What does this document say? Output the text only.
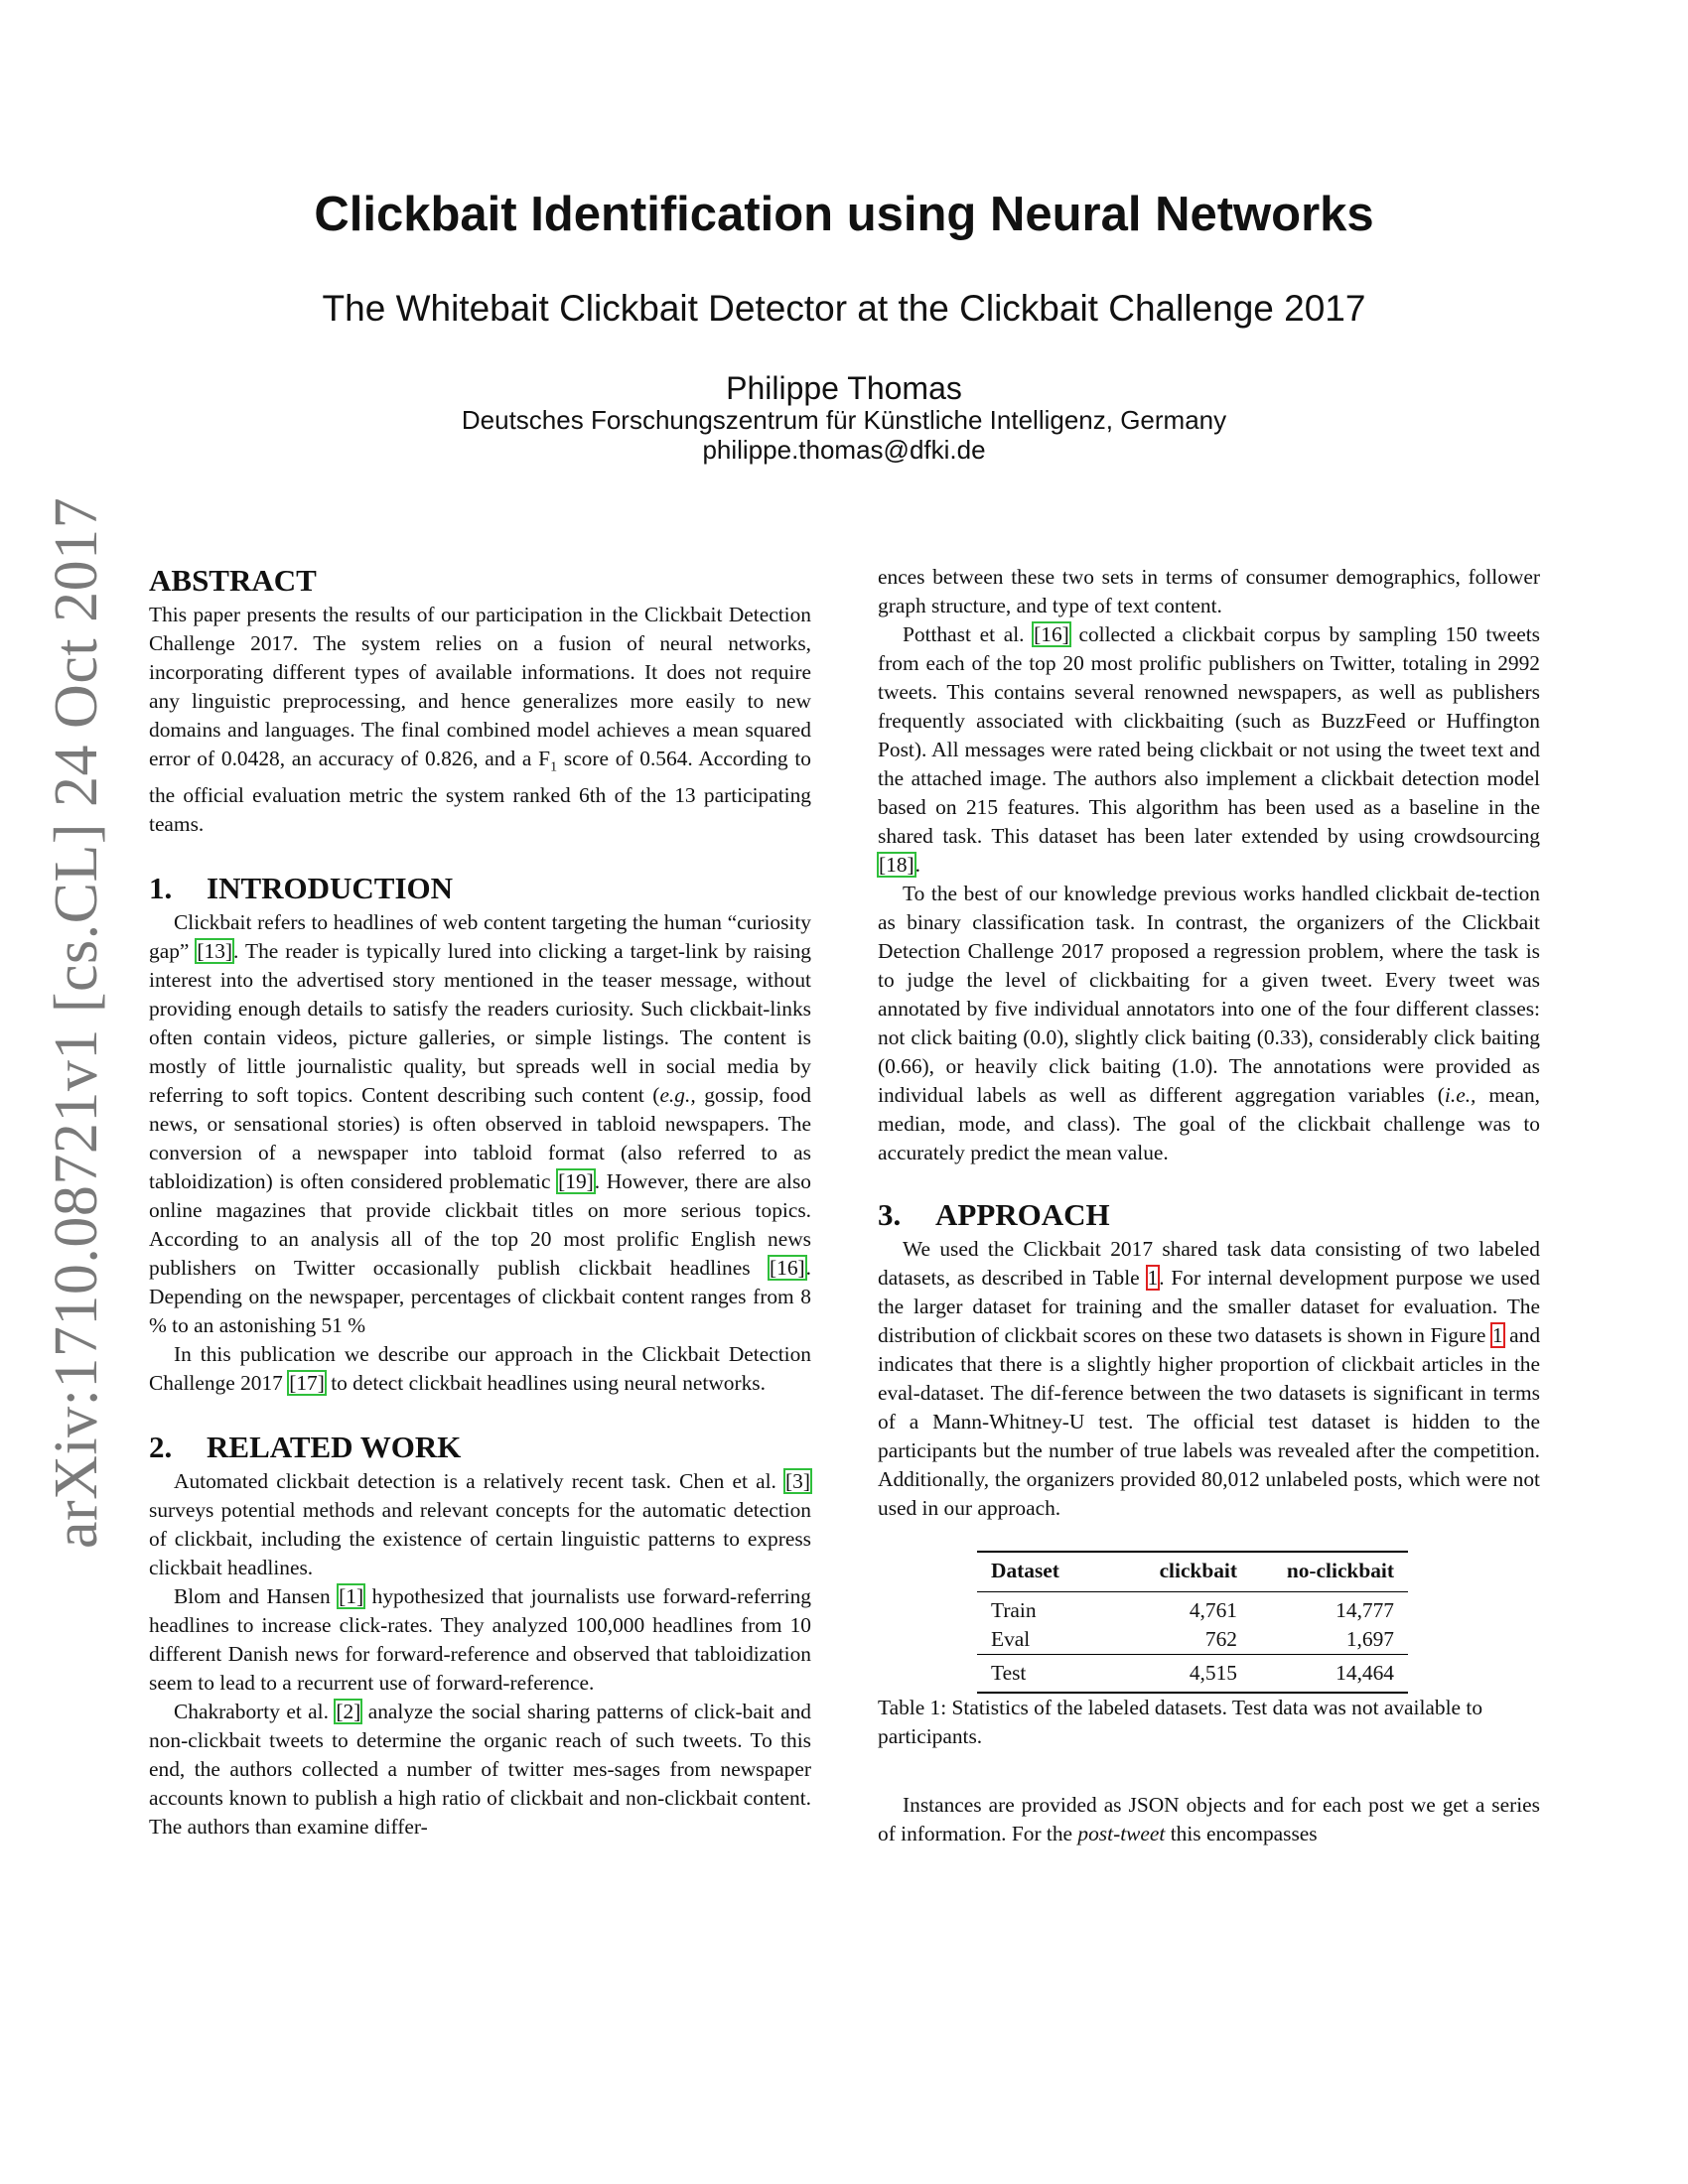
arXiv:1710.08721v1 [cs.CL] 24 Oct 2017
Clickbait Identification using Neural Networks
The Whitebait Clickbait Detector at the Clickbait Challenge 2017
Philippe Thomas
Deutsches Forschungszentrum für Künstliche Intelligenz, Germany
philippe.thomas@dfki.de
ABSTRACT

This paper presents the results of our participation in the Clickbait Detection Challenge 2017. The system relies on a fusion of neural networks, incorporating different types of available informations. It does not require any linguistic preprocessing, and hence generalizes more easily to new domains and languages. The final combined model achieves a mean squared error of 0.0428, an accuracy of 0.826, and a $F_1$ score of 0.564. According to the official evaluation metric the system ranked 6th of the 13 participating teams.

1. INTRODUCTION

Clickbait refers to headlines of web content targeting the human “curiosity gap” [13]. The reader is typically lured into clicking a target-link by raising interest into the advertised story mentioned in the teaser message, without providing enough details to satisfy the readers curiosity. Such clickbait-links often contain videos, picture galleries, or simple listings. The content is mostly of little journalistic quality, but spreads well in social media by referring to soft topics. Content describing such content (e.g., gossip, food news, or sensational stories) is often observed in tabloid newspapers. The conversion of a newspaper into tabloid format (also referred to as tabloidization) is often considered problematic [19]. However, there are also online magazines that provide clickbait titles on more serious topics. According to an analysis all of the top 20 most prolific English news publishers on Twitter occasionally publish clickbait headlines [16]. Depending on the newspaper, percentages of clickbait content ranges from 8 % to an astonishing 51 %

In this publication we describe our approach in the Clickbait Detection Challenge 2017 [17] to detect clickbait headlines using neural networks.

2. RELATED WORK

Automated clickbait detection is a relatively recent task. Chen et al. [3] surveys potential methods and relevant concepts for the automatic detection of clickbait, including the existence of certain linguistic patterns to express clickbait headlines.

Blom and Hansen [1] hypothesized that journalists use forward-referring headlines to increase click-rates. They analyzed 100,000 headlines from 10 different Danish news for forward-reference and observed that tabloidization seem to lead to a recurrent use of forward-reference.

Chakraborty et al. [2] analyze the social sharing patterns of click-bait and non-clickbait tweets to determine the organic reach of such tweets. To this end, the authors collected a number of twitter mes-sages from newspaper accounts known to publish a high ratio of clickbait and non-clickbait content. The authors than examine differ-

ences between these two sets in terms of consumer demographics, follower graph structure, and type of text content.

Potthast et al. [16] collected a clickbait corpus by sampling 150 tweets from each of the top 20 most prolific publishers on Twitter, totaling in 2992 tweets. This contains several renowned newspapers, as well as publishers frequently associated with clickbaiting (such as BuzzFeed or Huffington Post). All messages were rated being clickbait or not using the tweet text and the attached image. The authors also implement a clickbait detection model based on 215 features. This algorithm has been used as a baseline in the shared task. This dataset has been later extended by using crowdsourcing [18].

To the best of our knowledge previous works handled clickbait de-tection as binary classification task. In contrast, the organizers of the Clickbait Detection Challenge 2017 proposed a regression problem, where the task is to judge the level of clickbaiting for a given tweet. Every tweet was annotated by five individual annotators into one of the four different classes: not click baiting (0.0), slightly click baiting (0.33), considerably click baiting (0.66), or heavily click baiting (1.0). The annotations were provided as individual labels as well as different aggregation variables (i.e., mean, median, mode, and class). The goal of the clickbait challenge was to accurately predict the mean value.

3. APPROACH

We used the Clickbait 2017 shared task data consisting of two labeled datasets, as described in Table 1. For internal development purpose we used the larger dataset for training and the smaller dataset for evaluation. The distribution of clickbait scores on these two datasets is shown in Figure 1 and indicates that there is a slightly higher proportion of clickbait articles in the eval-dataset. The dif-ference between the two datasets is significant in terms of a Mann-Whitney-U test. The official test dataset is hidden to the participants but the number of true labels was revealed after the competition. Additionally, the organizers provided 80,012 unlabeled posts, which were not used in our approach.

Dataset	clickbait	no-clickbait
Train	4,761	14,777
Eval	762	1,697
Test	4,515	14,464

Table 1: Statistics of the labeled datasets. Test data was not available to participants.

Instances are provided as JSON objects and for each post we get a series of information. For the post-tweet this encompasses
